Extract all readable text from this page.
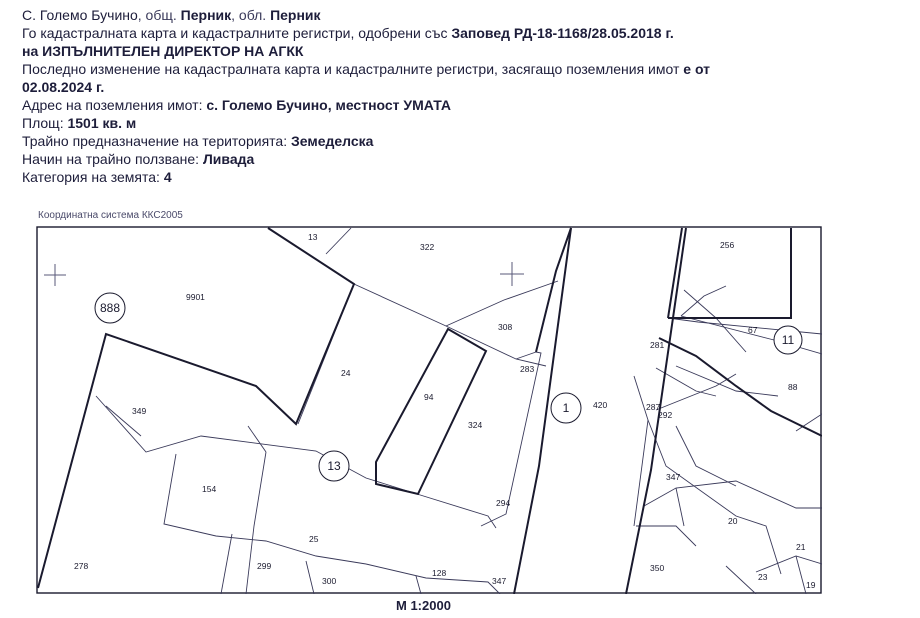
С. Големо Бучино, общ. Перник, обл. Перник
Го кадастралната карта и кадастралните регистри, одобрени със Заповед РД-18-1168/28.05.2018 г.
на ИЗПЪЛНИТЕЛЕН ДИРЕКТОР НА АГКК
Последно изменение на кадастралната карта и кадастралните регистри, засягащо поземления имот е от
02.08.2024 г.
Адрес на поземления имот: с. Големо Бучино, местност УМАТА
Площ: 1501 кв. м
Трайно предназначение на територията: Земеделска
Начин на трайно ползване: Ливада
Категория на земята: 4
Координатна система ККС2005
888
13
1
11
13
322
9901
24
308
283
94
324
349
420
256
67
88
281
287
292
347
154
294
25
20
21
278	299
300
128
347
350
23
19
М 1:2000
